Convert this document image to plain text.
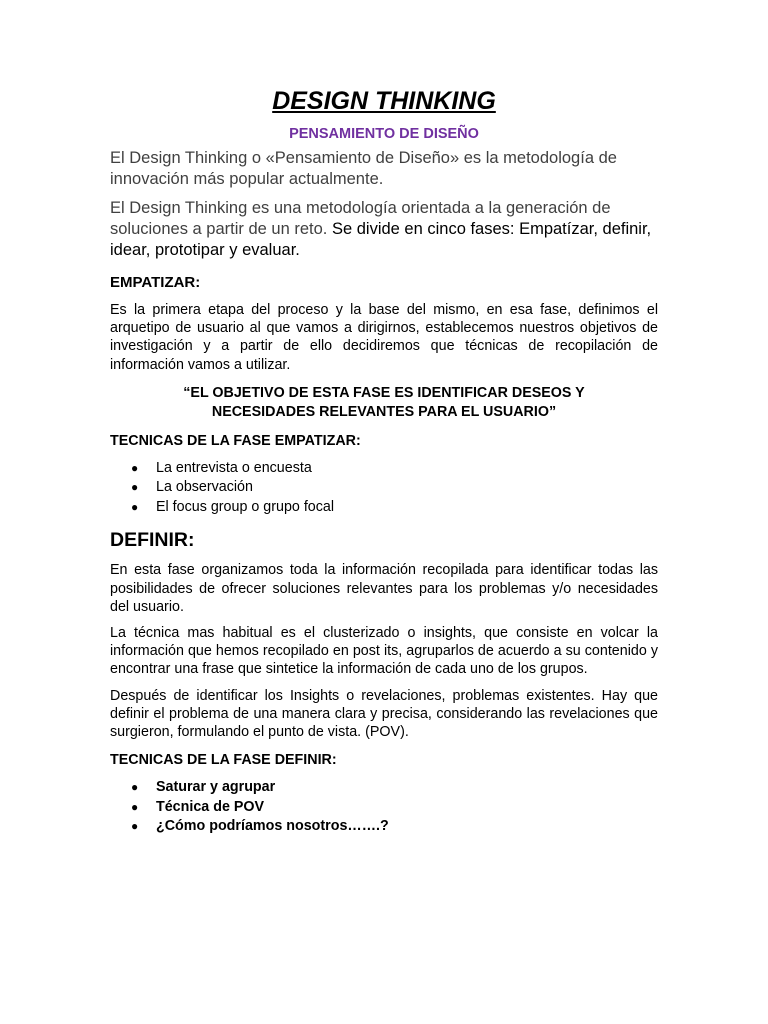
DESIGN THINKING
PENSAMIENTO DE DISEÑO

El Design Thinking o «Pensamiento de Diseño» es la metodología de innovación más popular actualmente.

El Design Thinking es una metodología orientada a la generación de soluciones a partir de un reto. Se divide en cinco fases: Empatízar, definir, idear, prototipar y evaluar.

EMPATIZAR:

Es la primera etapa del proceso y la base del mismo, en esa fase, definimos el arquetipo de usuario al que vamos a dirigirnos, establecemos nuestros objetivos de investigación y a partir de ello decidiremos que técnicas de recopilación de información vamos a utilizar.

“EL OBJETIVO DE ESTA FASE ES IDENTIFICAR DESEOS Y
NECESIDADES RELEVANTES PARA EL USUARIO”
TECNICAS DE LA FASE EMPATIZAR:
● La entrevista o encuesta
● La observación
● El focus group o grupo focal
DEFINIR:

En esta fase organizamos toda la información recopilada para identificar todas las posibilidades de ofrecer soluciones relevantes para los problemas y/o necesidades del usuario.

La técnica mas habitual es el clusterizado o insights, que consiste en volcar la información que hemos recopilado en post its, agruparlos de acuerdo a su contenido y encontrar una frase que sintetice la información de cada uno de los grupos.

Después de identificar los Insights o revelaciones, problemas existentes. Hay que definir el problema de una manera clara y precisa, considerando las revelaciones que surgieron, formulando el punto de vista. (POV).

TECNICAS DE LA FASE DEFINIR:
● Saturar y agrupar
● Técnica de POV
● ¿Cómo podríamos nosotros…….?
